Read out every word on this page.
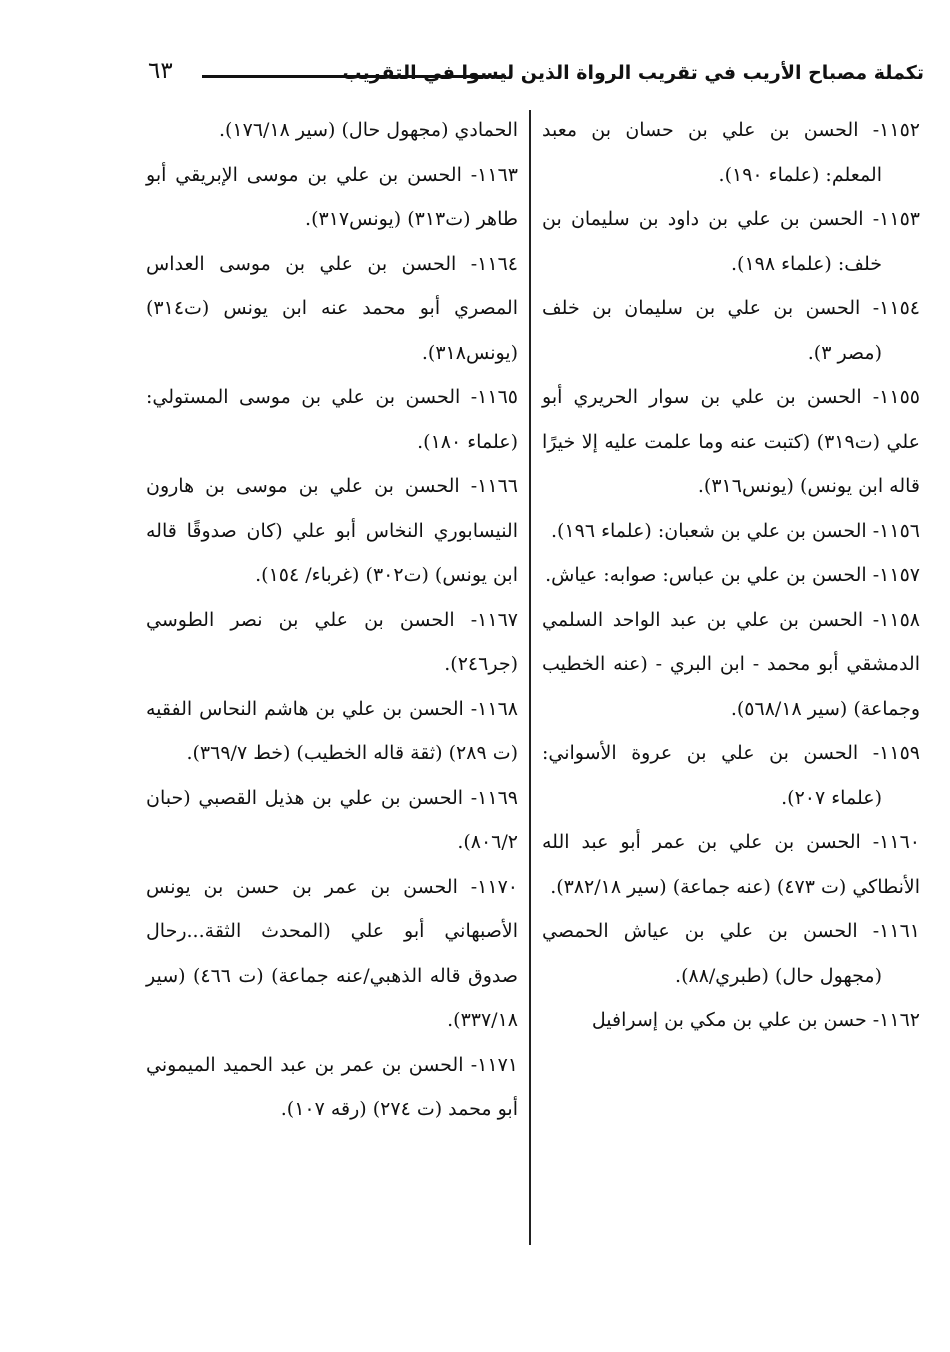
تكملة مصباح الأريب في تقريب الرواة الذين ليسوا في التقريب
٦٣

١١٥٢- الحسن بن علي بن حسان بن معبد المعلم: (علماء ١٩٠).

١١٥٣- الحسن بن علي بن داود بن سليمان بن خلف: (علماء ١٩٨).

١١٥٤- الحسن بن علي بن سليمان بن خلف (مصر ٣).

١١٥٥- الحسن بن علي بن سوار الحريري أبو علي (ت٣١٩) (كتبت عنه وما علمت عليه إلا خيرًا قاله ابن يونس) (يونس٣١٦).

١١٥٦- الحسن بن علي بن شعبان: (علماء ١٩٦).

١١٥٧- الحسن بن علي بن عباس: صوابه: عياش.

١١٥٨- الحسن بن علي بن عبد الواحد السلمي الدمشقي أبو محمد - ابن البري - (عنه الخطيب وجماعة) (سير ٥٦٨/١٨).

١١٥٩- الحسن بن علي بن عروة الأسواني: (علماء ٢٠٧).

١١٦٠- الحسن بن علي بن عمر أبو عبد الله الأنطاكي (ت ٤٧٣) (عنه جماعة) (سير ٣٨٢/١٨).

١١٦١- الحسن بن علي بن عياش الحمصي (مجهول حال) (طبري/٨٨).

١١٦٢- حسن بن علي بن مكي بن إسرافيل

الحمادي (مجهول حال) (سير ١٧٦/١٨).

١١٦٣- الحسن بن علي بن موسى الإبريقي أبو طاهر (ت٣١٣) (يونس٣١٧).

١١٦٤- الحسن بن علي بن موسى العداس المصري أبو محمد عنه ابن يونس (ت٣١٤) (يونس٣١٨).

١١٦٥- الحسن بن علي بن موسى المستولي: (علماء ١٨٠).

١١٦٦- الحسن بن علي بن موسى بن هارون النيسابوري النخاس أبو علي (كان صدوقًا قاله ابن يونس) (ت٣٠٢) (غرباء/ ١٥٤).

١١٦٧- الحسن بن علي بن نصر الطوسي (جر٢٤٦).

١١٦٨- الحسن بن علي بن هاشم النحاس الفقيه (ت ٢٨٩) (ثقة قاله الخطيب) (خط ٣٦٩/٧).

١١٦٩- الحسن بن علي بن هذيل القصبي (حبان ٨٠٦/٢).

١١٧٠- الحسن بن عمر بن حسن بن يونس الأصبهاني أبو علي (المحدث الثقة...رحال صدوق قاله الذهبي/عنه جماعة) (ت ٤٦٦) (سير ٣٣٧/١٨).

١١٧١- الحسن بن عمر بن عبد الحميد الميموني أبو محمد (ت ٢٧٤) (رقه ١٠٧).
